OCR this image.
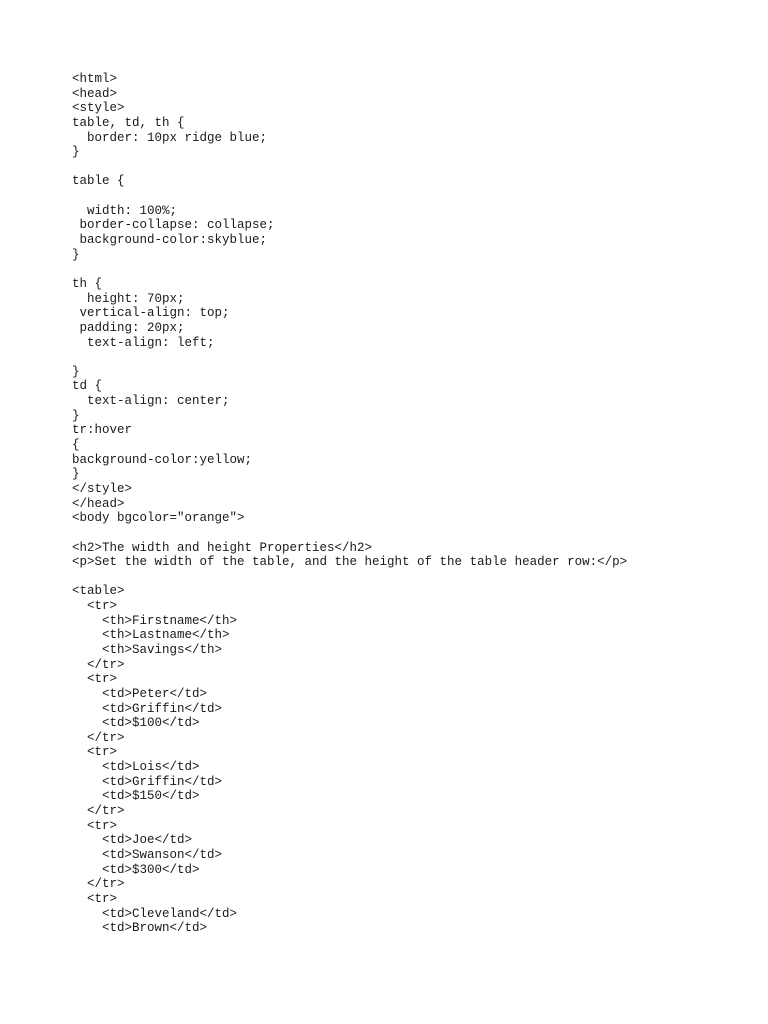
<html>
<head>
<style>
table, td, th {
border: 10px ridge blue;
}
table {
width: 100%;
border-collapse: collapse;
background-color:skyblue;
}
th {
height: 70px;
vertical-align: top;
padding: 20px;
text-align: left;
}
td {
text-align: center;
}
tr:hover
{
background-color:yellow;
}
</style>
</head>
<body bgcolor="orange">
<h2>The width and height Properties</h2>
<p>Set the width of the table, and the height of the table header row:</p>
<table>
<tr>
<th>Firstname</th>
<th>Lastname</th>
<th>Savings</th>
</tr>
<tr>
<td>Peter</td>
<td>Griffin</td>
<td>$100</td>
</tr>
<tr>
<td>Lois</td>
<td>Griffin</td>
<td>$150</td>
</tr>
<tr>
<td>Joe</td>
<td>Swanson</td>
<td>$300</td>
</tr>
<tr>
<td>Cleveland</td>
<td>Brown</td>
